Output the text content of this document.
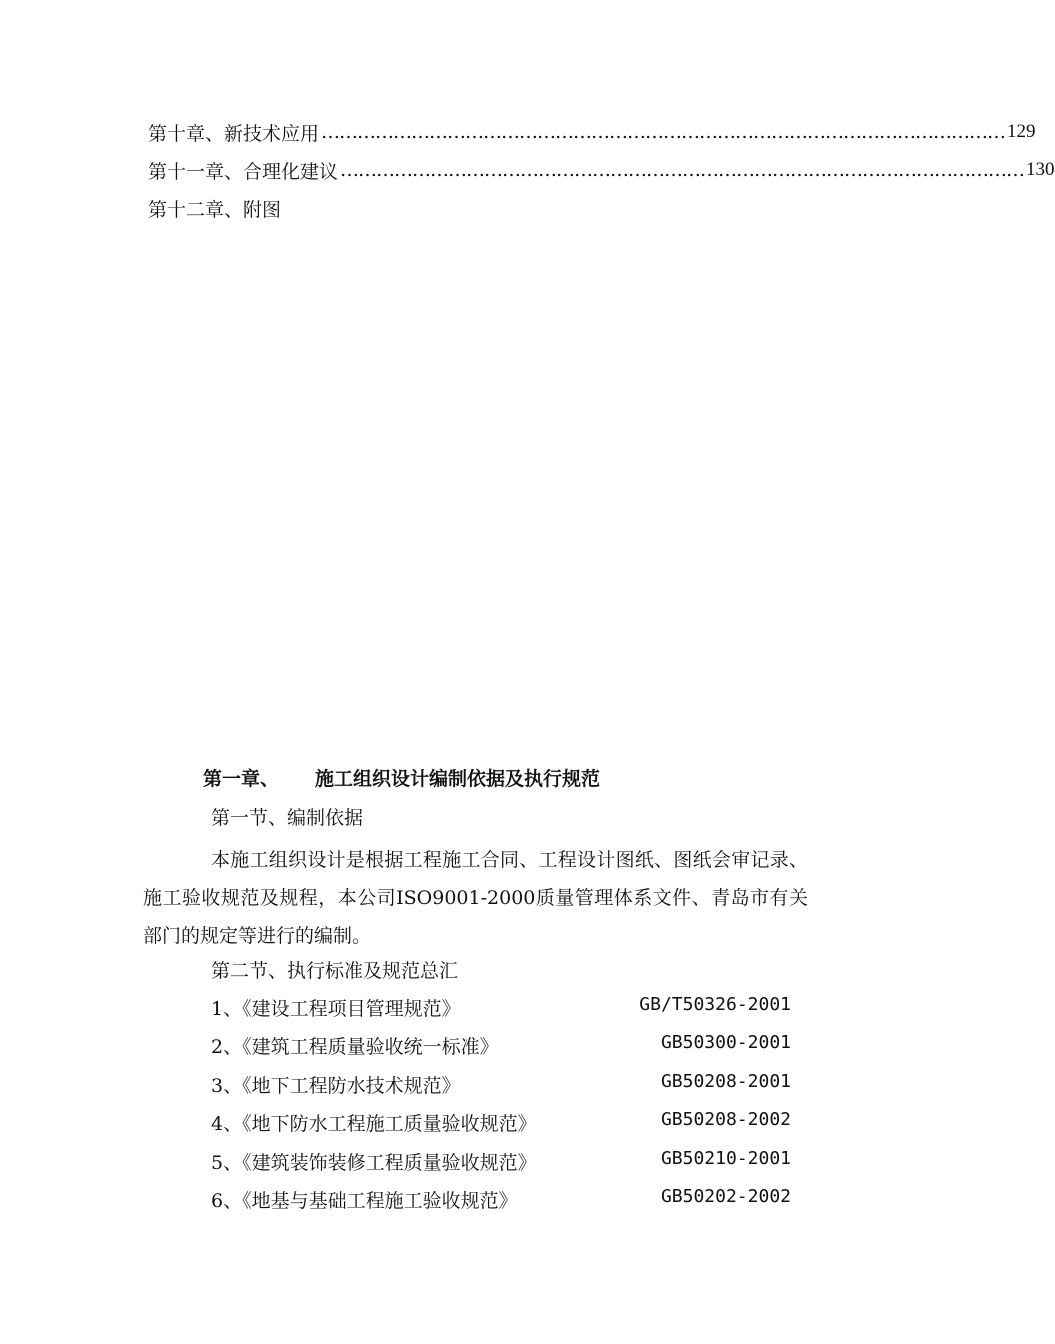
第十章、新技术应用 …………………………………………………………………………………………………… 129
第十一章、合理化建议 …………………………………………………………………………………………………… 130
第十二章、附图
第一章、 施工组织设计编制依据及执行规范
第一节、编制依据
本施工组织设计是根据工程施工合同、工程设计图纸、图纸会审记录、施工验收规范及规程，本公司ISO9001-2000质量管理体系文件、青岛市有关部门的规定等进行的编制。
第二节、执行标准及规范总汇
1、《建设工程项目管理规范》	GB/T50326-2001
2、《建筑工程质量验收统一标准》	GB50300-2001
3、《地下工程防水技术规范》	GB50208-2001
4、《地下防水工程施工质量验收规范》	GB50208-2002
5、《建筑装饰装修工程质量验收规范》	GB50210-2001
6、《地基与基础工程施工验收规范》	GB50202-2002
